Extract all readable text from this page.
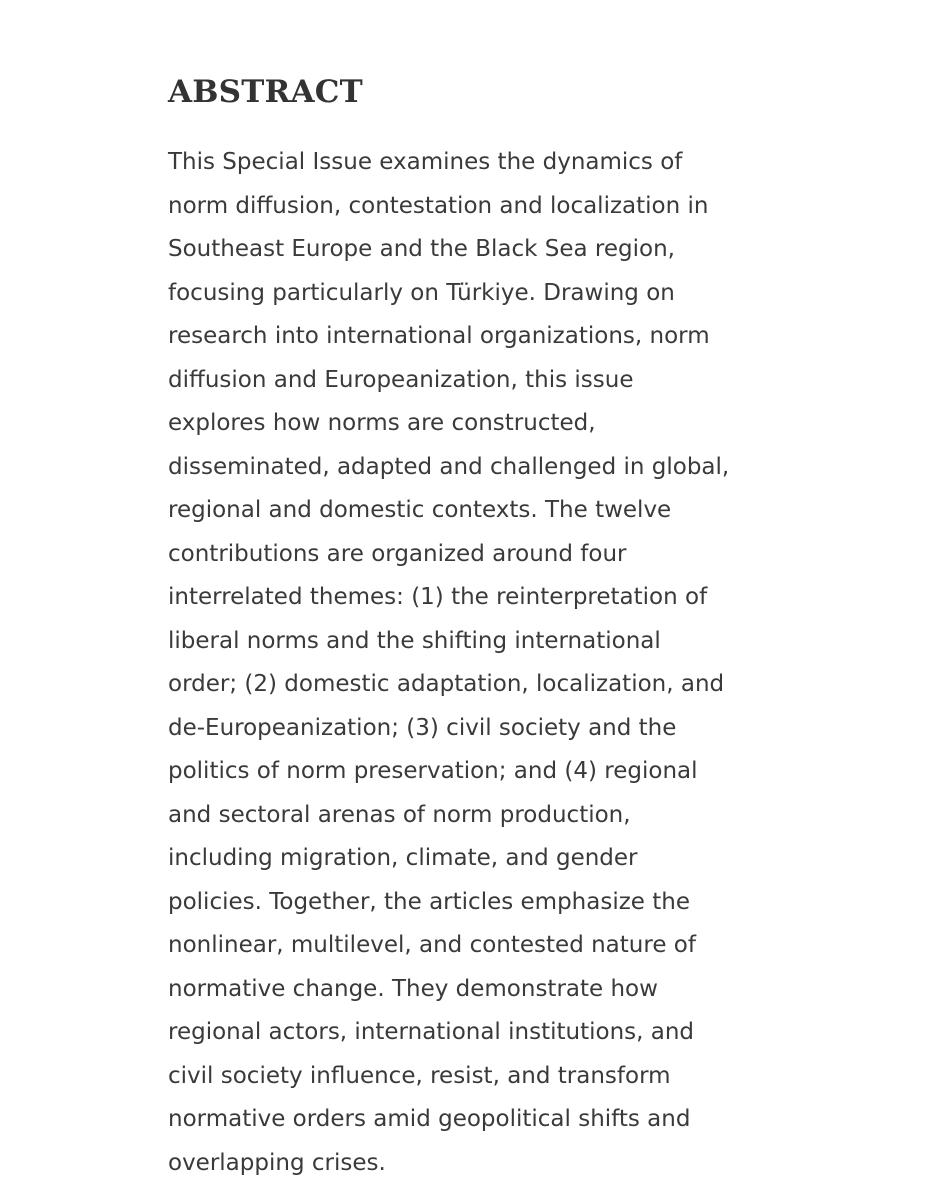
ABSTRACT
This Special Issue examines the dynamics of
norm diffusion, contestation and localization in
Southeast Europe and the Black Sea region,
focusing particularly on Türkiye. Drawing on
research into international organizations, norm
diffusion and Europeanization, this issue
explores how norms are constructed,
disseminated, adapted and challenged in global,
regional and domestic contexts. The twelve
contributions are organized around four
interrelated themes: (1) the reinterpretation of
liberal norms and the shifting international
order; (2) domestic adaptation, localization, and
de-Europeanization; (3) civil society and the
politics of norm preservation; and (4) regional
and sectoral arenas of norm production,
including migration, climate, and gender
policies. Together, the articles emphasize the
nonlinear, multilevel, and contested nature of
normative change. They demonstrate how
regional actors, international institutions, and
civil society influence, resist, and transform
normative orders amid geopolitical shifts and
overlapping crises.
